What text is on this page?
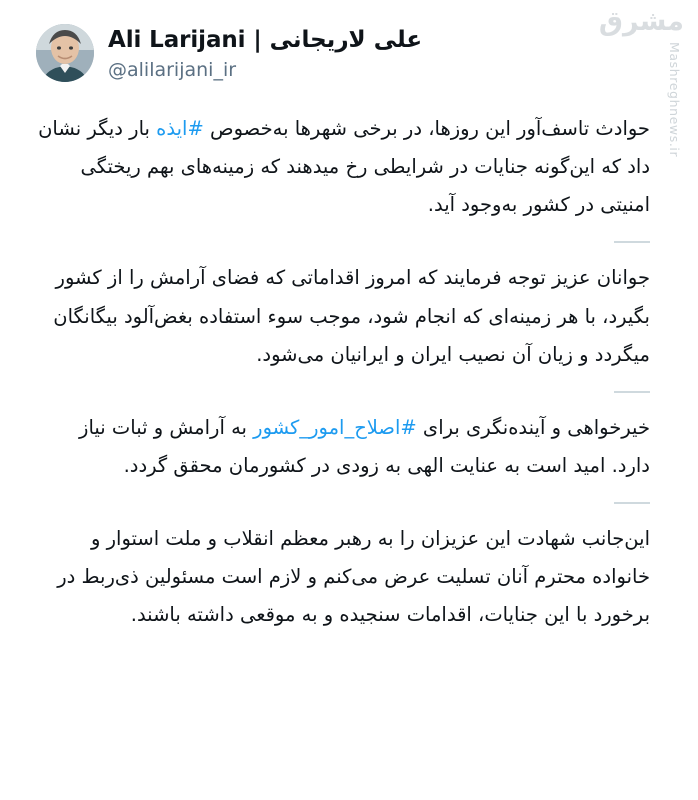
مشرق
Mashreghnews.ir
Ali Larijani | علی لاریجانی
@alilarijani_ir

حوادث تاسف‌آور این روزها، در برخی شهرها به‌خصوص #ایذه بار دیگر نشان داد که این‌گونه جنایات در شرایطی رخ میدهند که زمینه‌های بهم ریختگی امنیتی در کشور به‌وجود آید.

جوانان عزیز توجه فرمایند که امروز اقداماتی که فضای آرامش را از کشور بگیرد، با هر زمینه‌ای که انجام شود، موجب سوء استفاده بغض‌آلود بیگانگان میگردد و زیان آن نصیب ایران و ایرانیان می‌شود.

خیرخواهی و آینده‌نگری برای #اصلاح_امور_کشور به آرامش و ثبات نیاز دارد. امید است به عنایت الهی به زودی در کشورمان محقق گردد.

این‌جانب شهادت این عزیزان را به رهبر معظم انقلاب و ملت استوار و خانواده محترم آنان تسلیت عرض می‌کنم و لازم است مسئولین ذی‌ربط در برخورد با این جنایات، اقدامات سنجیده و به موقعی داشته باشند.
